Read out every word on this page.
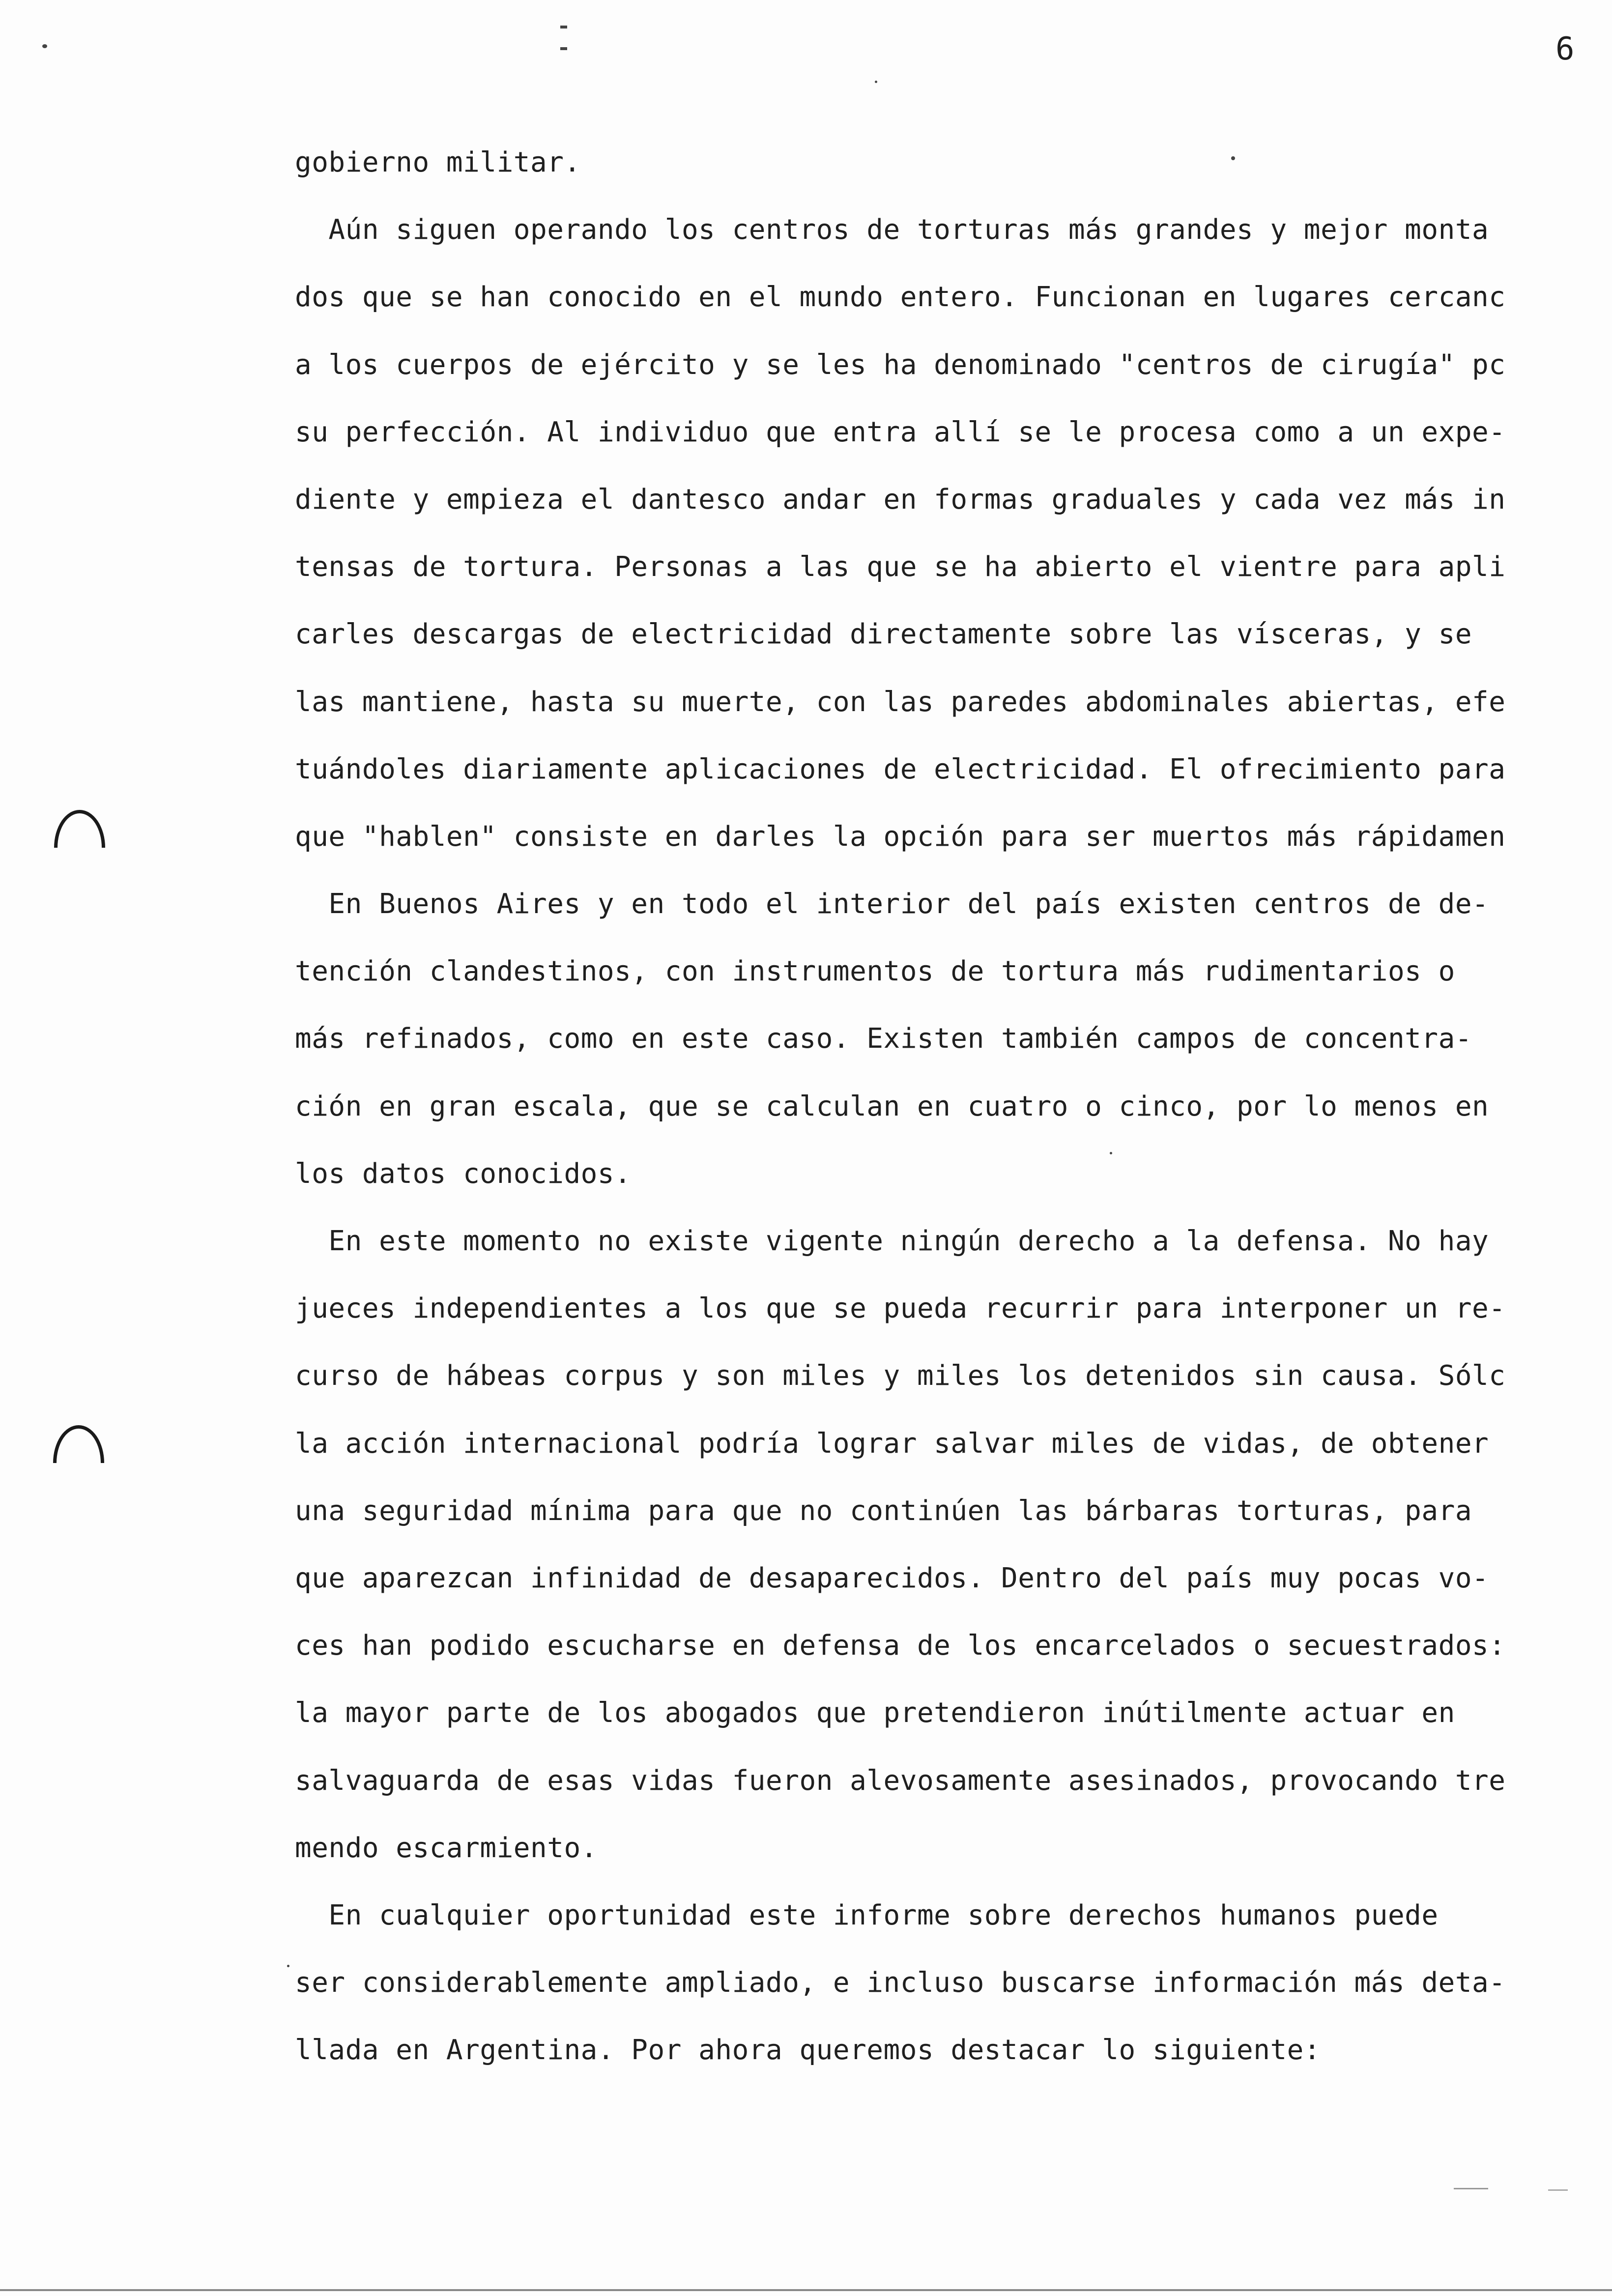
6
gobierno militar.
Aún siguen operando los centros de torturas más grandes y mejor monta
dos que se han conocido en el mundo entero. Funcionan en lugares cercanc
a los cuerpos de ejército y se les ha denominado "centros de cirugía" pc
su perfección. Al individuo que entra allí se le procesa como a un expe-
diente y empieza el dantesco andar en formas graduales y cada vez más in
tensas de tortura. Personas a las que se ha abierto el vientre para apli
carles descargas de electricidad directamente sobre las vísceras, y se
las mantiene, hasta su muerte, con las paredes abdominales abiertas, efe
tuándoles diariamente aplicaciones de electricidad. El ofrecimiento para
que "hablen" consiste en darles la opción para ser muertos más rápidamen
En Buenos Aires y en todo el interior del país existen centros de de-
tención clandestinos, con instrumentos de tortura más rudimentarios o
más refinados, como en este caso. Existen también campos de concentra-
ción en gran escala, que se calculan en cuatro o cinco, por lo menos en
los datos conocidos.
En este momento no existe vigente ningún derecho a la defensa. No hay
jueces independientes a los que se pueda recurrir para interponer un re-
curso de hábeas corpus y son miles y miles los detenidos sin causa. Sólc
la acción internacional podría lograr salvar miles de vidas, de obtener
una seguridad mínima para que no continúen las bárbaras torturas, para
que aparezcan infinidad de desaparecidos. Dentro del país muy pocas vo-
ces han podido escucharse en defensa de los encarcelados o secuestrados:
la mayor parte de los abogados que pretendieron inútilmente actuar en
salvaguarda de esas vidas fueron alevosamente asesinados, provocando tre
mendo escarmiento.
En cualquier oportunidad este informe sobre derechos humanos puede
ser considerablemente ampliado, e incluso buscarse información más deta-
llada en Argentina. Por ahora queremos destacar lo siguiente:
